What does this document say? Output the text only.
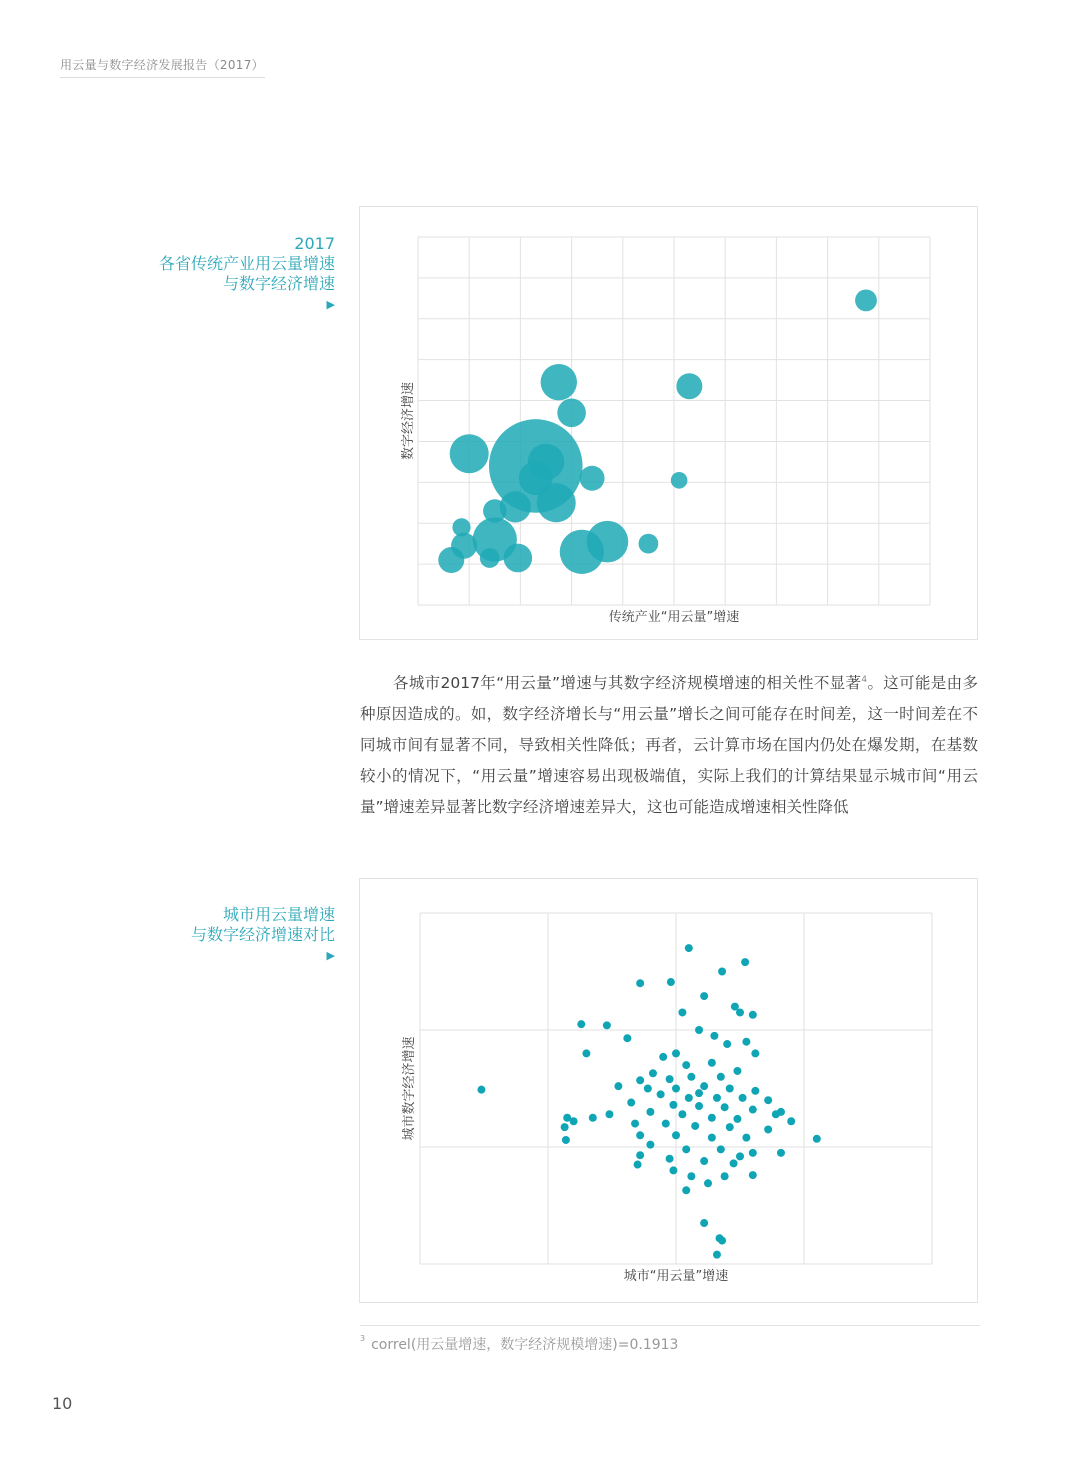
用云量与数字经济发展报告（2017）
2017
各省传统产业用云量增速
与数字经济增速
▶
传统产业“用云量”增速
数字经济增速

各城市2017年“用云量”增速与其数字经济规模增速的相关性不显著$^4$。这可能是由多种原因造成的。如，数字经济增长与“用云量”增长之间可能存在时间差，这一时间差在不同城市间有显著不同，导致相关性降低；再者，云计算市场在国内仍处在爆发期，在基数较小的情况下，“用云量”增速容易出现极端值，实际上我们的计算结果显示城市间“用云量”增速差异显著比数字经济增速差异大，这也可能造成增速相关性降低

城市用云量增速
与数字经济增速对比
▶
城市“用云量”增速
城市数字经济增速
$^3$ correl(用云量增速，数字经济规模增速)=0.1913
10
